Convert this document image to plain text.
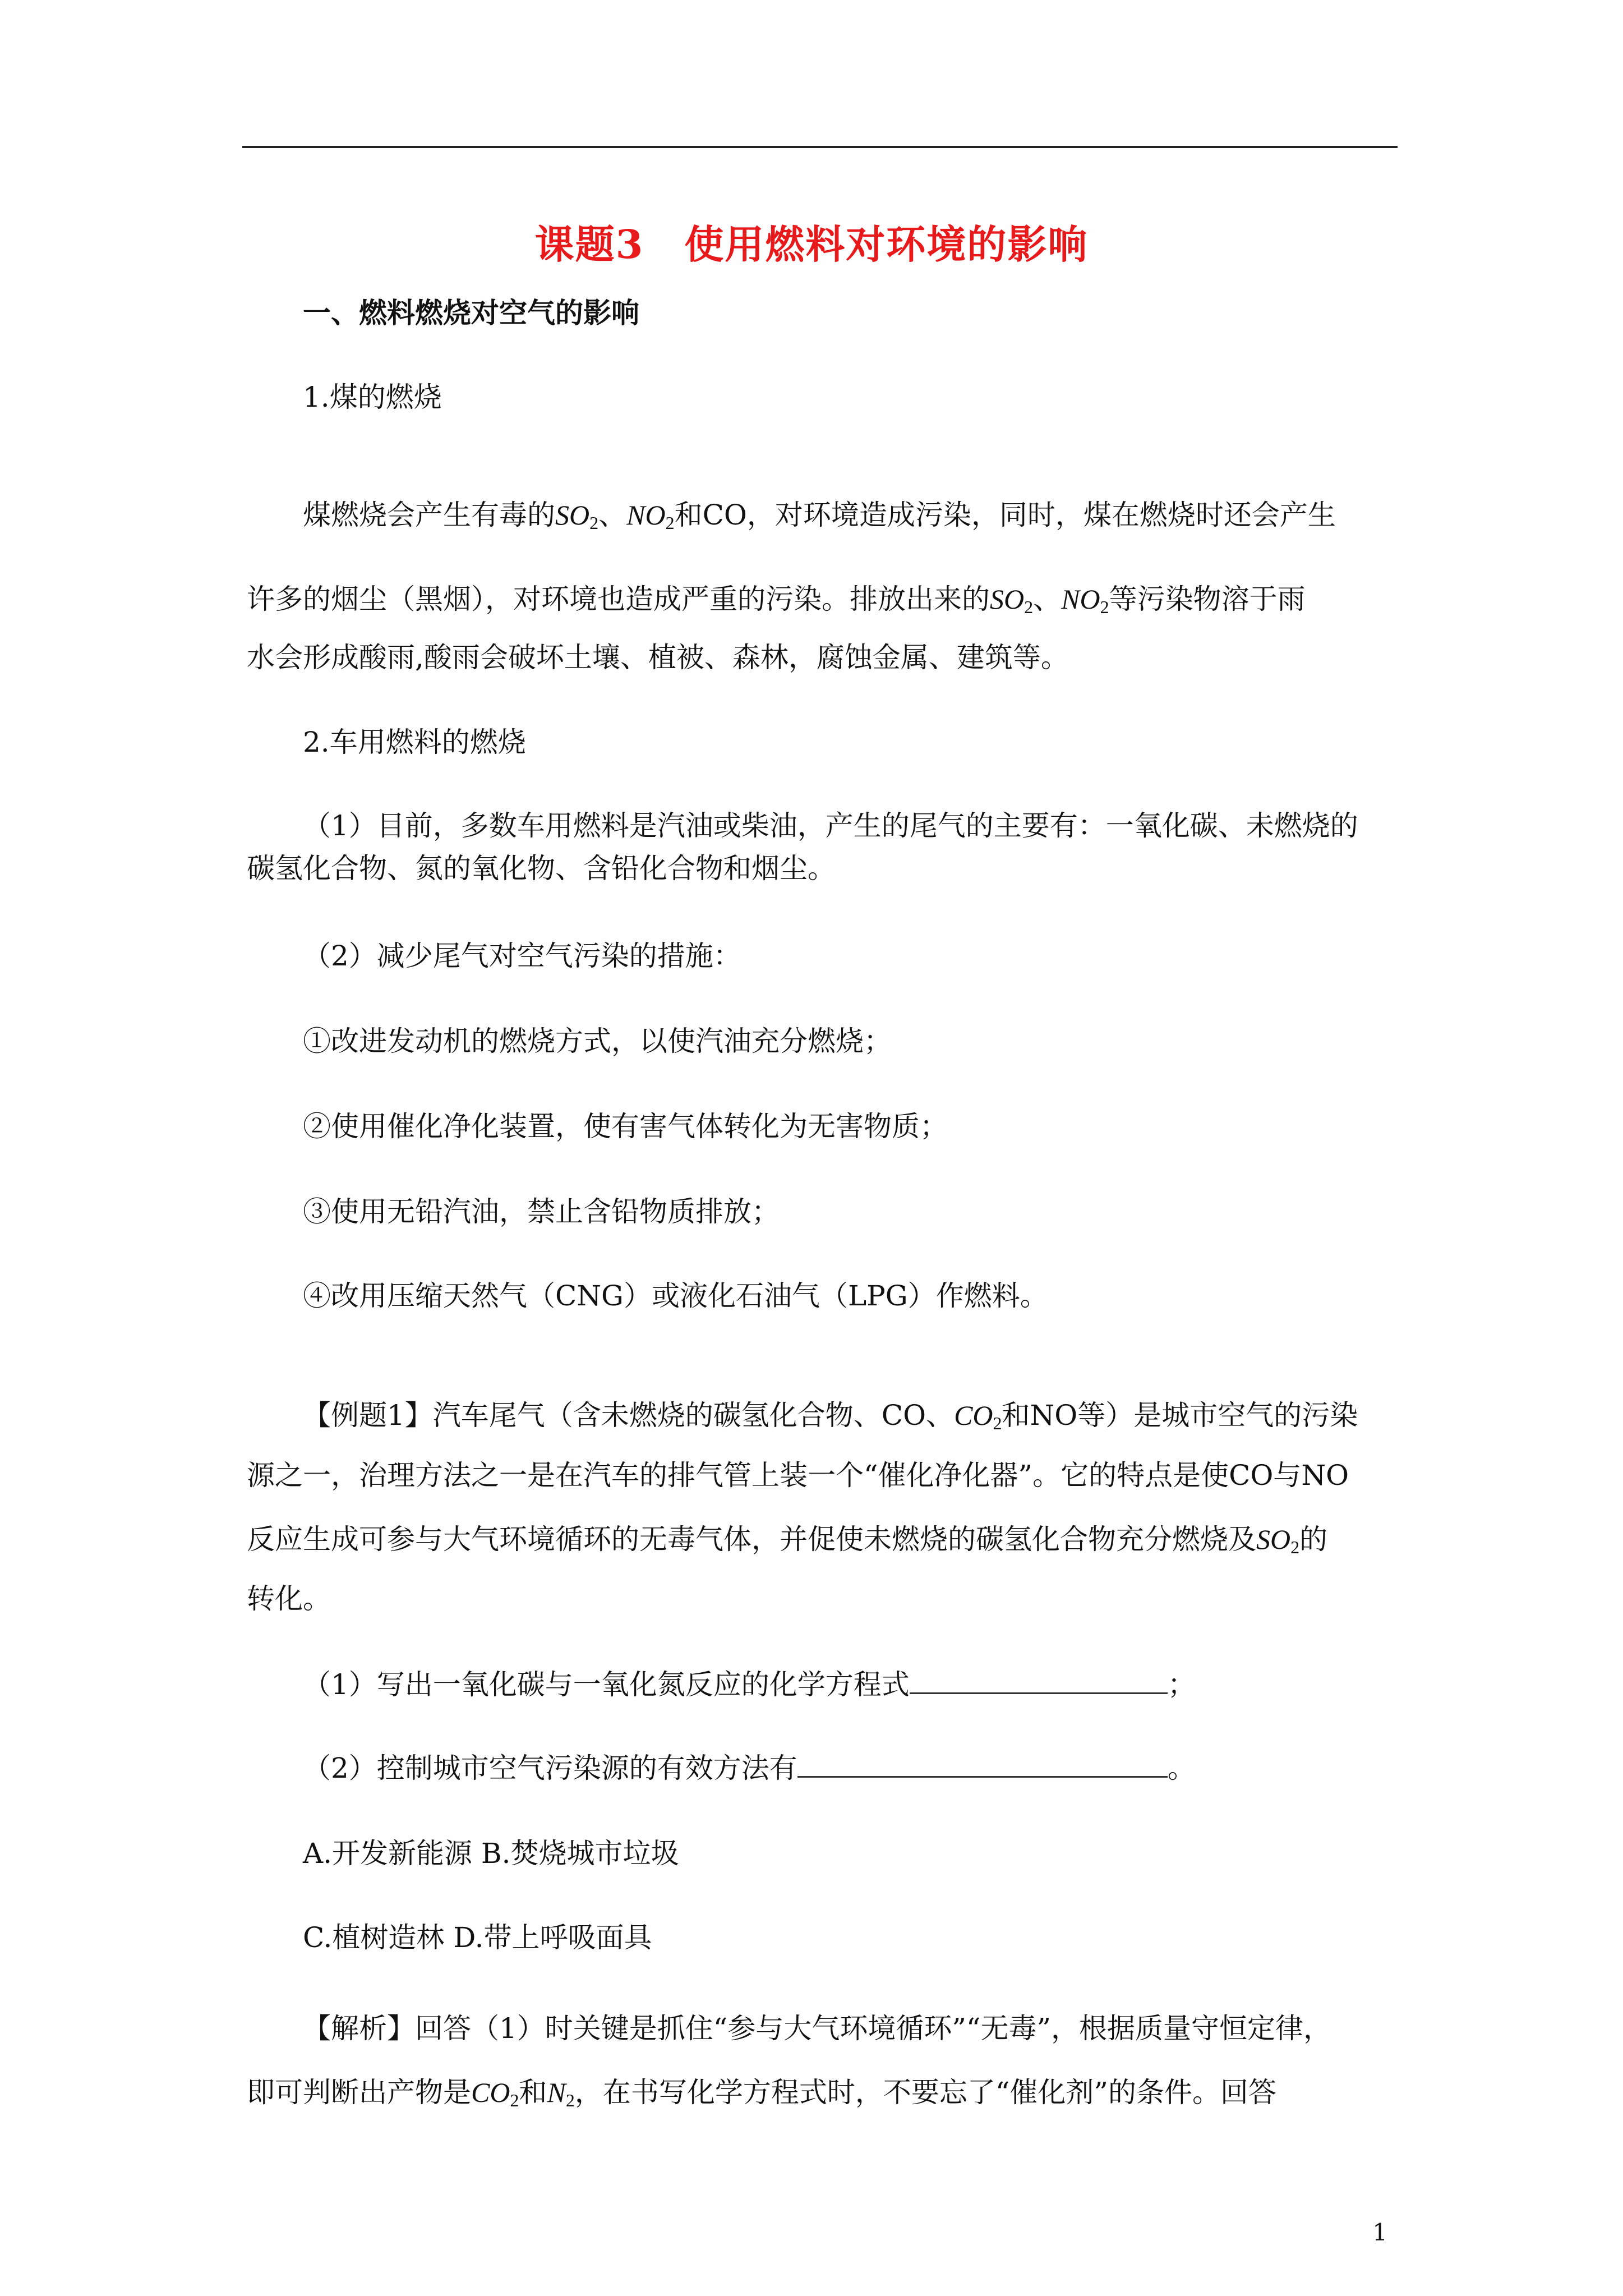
课题3　使用燃料对环境的影响
一、燃料燃烧对空气的影响
1.煤的燃烧
煤燃烧会产生有毒的SO2、NO2和CO，对环境造成污染，同时，煤在燃烧时还会产生
许多的烟尘（黑烟），对环境也造成严重的污染。排放出来的SO2、NO2等污染物溶于雨
水会形成酸雨,酸雨会破坏土壤、植被、森林，腐蚀金属、建筑等。
2.车用燃料的燃烧
（1）目前，多数车用燃料是汽油或柴油，产生的尾气的主要有：一氧化碳、未燃烧的
碳氢化合物、氮的氧化物、含铅化合物和烟尘。
（2）减少尾气对空气污染的措施：
①改进发动机的燃烧方式，以使汽油充分燃烧；
②使用催化净化装置，使有害气体转化为无害物质；
③使用无铅汽油，禁止含铅物质排放；
④改用压缩天然气（CNG）或液化石油气（LPG）作燃料。
【例题1】汽车尾气（含未燃烧的碳氢化合物、CO、CO2和NO等）是城市空气的污染
源之一，治理方法之一是在汽车的排气管上装一个“催化净化器”。它的特点是使CO与NO
反应生成可参与大气环境循环的无毒气体，并促使未燃烧的碳氢化合物充分燃烧及SO2的
转化。
（1）写出一氧化碳与一氧化氮反应的化学方程式	；
（2）控制城市空气污染源的有效方法有	。
A.开发新能源 B.焚烧城市垃圾
C.植树造林 D.带上呼吸面具
【解析】回答（1）时关键是抓住“参与大气环境循环”“无毒”，根据质量守恒定律，
即可判断出产物是CO2和N2，在书写化学方程式时，不要忘了“催化剂”的条件。回答
1
